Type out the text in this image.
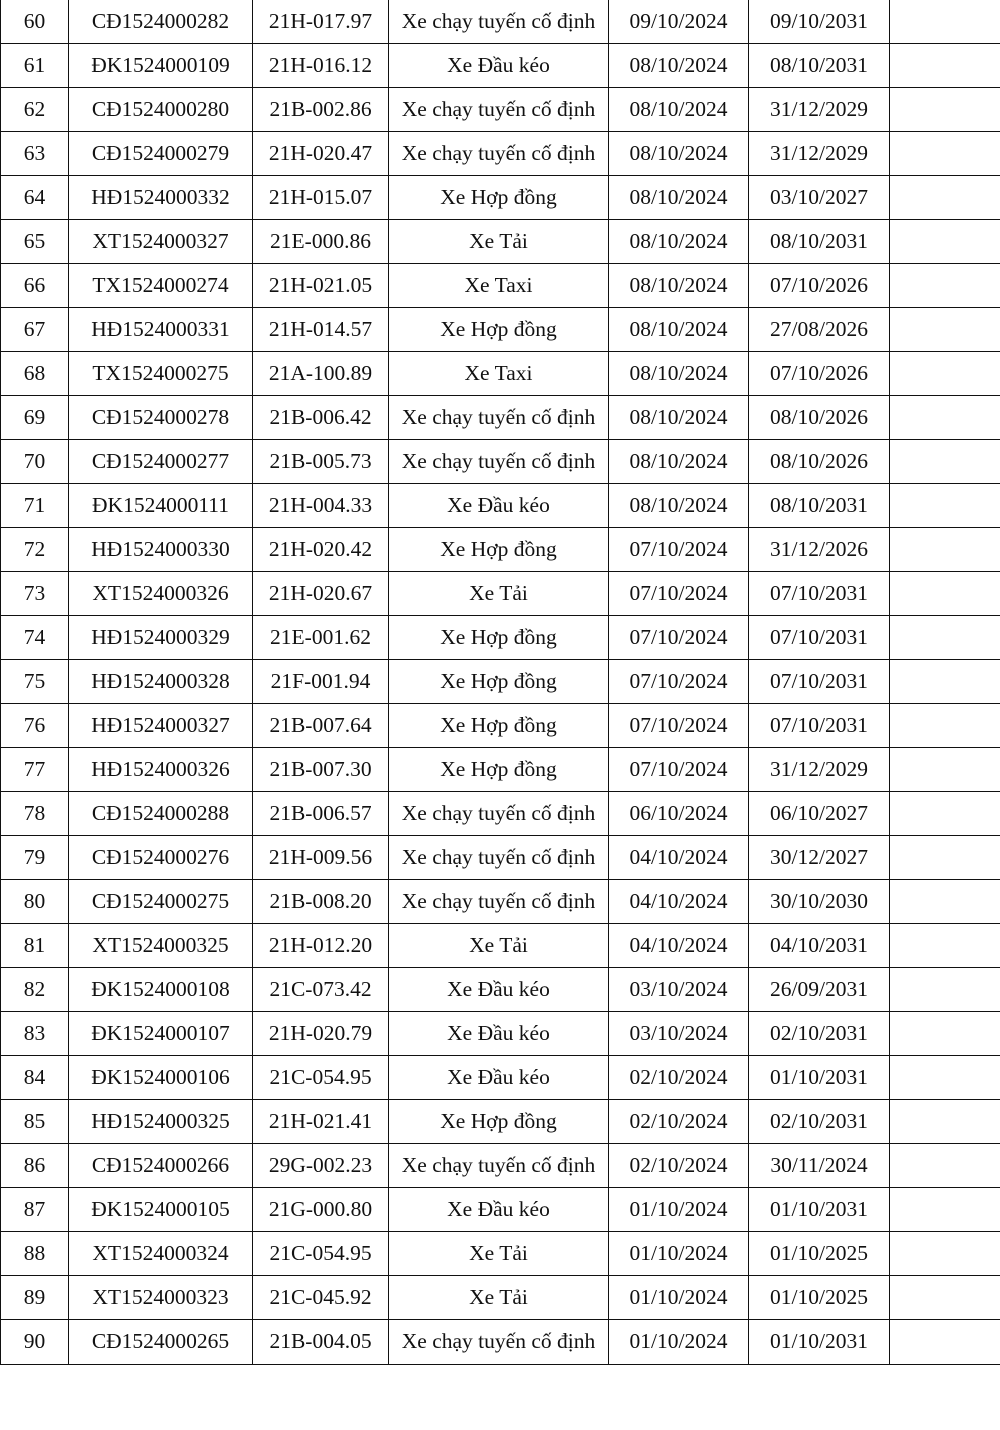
60	CĐ1524000282	21H-017.97	Xe chạy tuyến cố định	09/10/2024	09/10/2031	
61	ĐK1524000109	21H-016.12	Xe Đầu kéo	08/10/2024	08/10/2031	
62	CĐ1524000280	21B-002.86	Xe chạy tuyến cố định	08/10/2024	31/12/2029	
63	CĐ1524000279	21H-020.47	Xe chạy tuyến cố định	08/10/2024	31/12/2029	
64	HĐ1524000332	21H-015.07	Xe Hợp đồng	08/10/2024	03/10/2027	
65	XT1524000327	21E-000.86	Xe Tải	08/10/2024	08/10/2031	
66	TX1524000274	21H-021.05	Xe Taxi	08/10/2024	07/10/2026	
67	HĐ1524000331	21H-014.57	Xe Hợp đồng	08/10/2024	27/08/2026	
68	TX1524000275	21A-100.89	Xe Taxi	08/10/2024	07/10/2026	
69	CĐ1524000278	21B-006.42	Xe chạy tuyến cố định	08/10/2024	08/10/2026	
70	CĐ1524000277	21B-005.73	Xe chạy tuyến cố định	08/10/2024	08/10/2026	
71	ĐK1524000111	21H-004.33	Xe Đầu kéo	08/10/2024	08/10/2031	
72	HĐ1524000330	21H-020.42	Xe Hợp đồng	07/10/2024	31/12/2026	
73	XT1524000326	21H-020.67	Xe Tải	07/10/2024	07/10/2031	
74	HĐ1524000329	21E-001.62	Xe Hợp đồng	07/10/2024	07/10/2031	
75	HĐ1524000328	21F-001.94	Xe Hợp đồng	07/10/2024	07/10/2031	
76	HĐ1524000327	21B-007.64	Xe Hợp đồng	07/10/2024	07/10/2031	
77	HĐ1524000326	21B-007.30	Xe Hợp đồng	07/10/2024	31/12/2029	
78	CĐ1524000288	21B-006.57	Xe chạy tuyến cố định	06/10/2024	06/10/2027	
79	CĐ1524000276	21H-009.56	Xe chạy tuyến cố định	04/10/2024	30/12/2027	
80	CĐ1524000275	21B-008.20	Xe chạy tuyến cố định	04/10/2024	30/10/2030	
81	XT1524000325	21H-012.20	Xe Tải	04/10/2024	04/10/2031	
82	ĐK1524000108	21C-073.42	Xe Đầu kéo	03/10/2024	26/09/2031	
83	ĐK1524000107	21H-020.79	Xe Đầu kéo	03/10/2024	02/10/2031	
84	ĐK1524000106	21C-054.95	Xe Đầu kéo	02/10/2024	01/10/2031	
85	HĐ1524000325	21H-021.41	Xe Hợp đồng	02/10/2024	02/10/2031	
86	CĐ1524000266	29G-002.23	Xe chạy tuyến cố định	02/10/2024	30/11/2024	
87	ĐK1524000105	21G-000.80	Xe Đầu kéo	01/10/2024	01/10/2031	
88	XT1524000324	21C-054.95	Xe Tải	01/10/2024	01/10/2025	
89	XT1524000323	21C-045.92	Xe Tải	01/10/2024	01/10/2025	
90	CĐ1524000265	21B-004.05	Xe chạy tuyến cố định	01/10/2024	01/10/2031	
